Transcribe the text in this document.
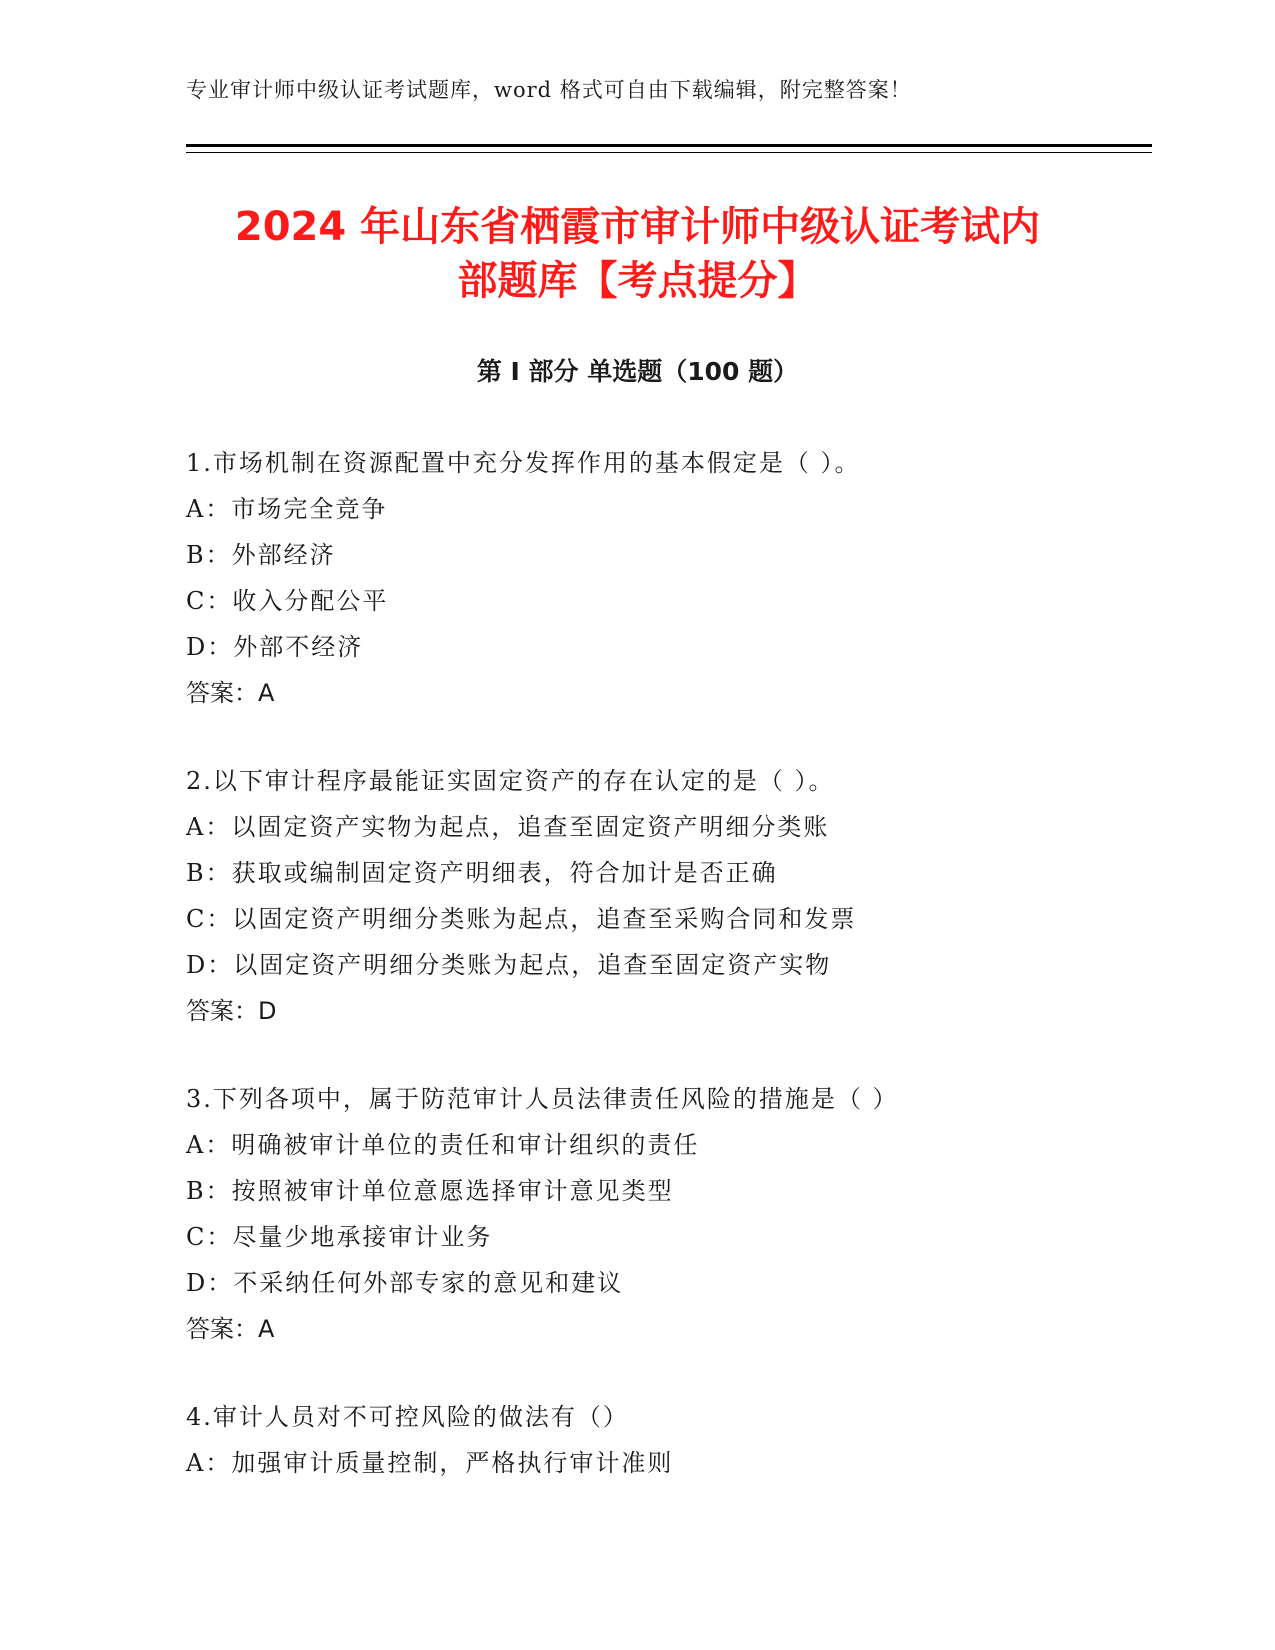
专业审计师中级认证考试题库，word 格式可自由下载编辑，附完整答案！
2024 年山东省栖霞市审计师中级认证考试内
部题库【考点提分】
第 I 部分 单选题（100 题）
1.市场机制在资源配置中充分发挥作用的基本假定是（ ）。
A：市场完全竞争
B：外部经济
C：收入分配公平
D：外部不经济
答案：A
2.以下审计程序最能证实固定资产的存在认定的是（ ）。
A：以固定资产实物为起点，追查至固定资产明细分类账
B：获取或编制固定资产明细表，符合加计是否正确
C：以固定资产明细分类账为起点，追查至采购合同和发票
D：以固定资产明细分类账为起点，追查至固定资产实物
答案：D
3.下列各项中，属于防范审计人员法律责任风险的措施是（ ）
A：明确被审计单位的责任和审计组织的责任
B：按照被审计单位意愿选择审计意见类型
C：尽量少地承接审计业务
D：不采纳任何外部专家的意见和建议
答案：A
4.审计人员对不可控风险的做法有（）
A：加强审计质量控制，严格执行审计准则
